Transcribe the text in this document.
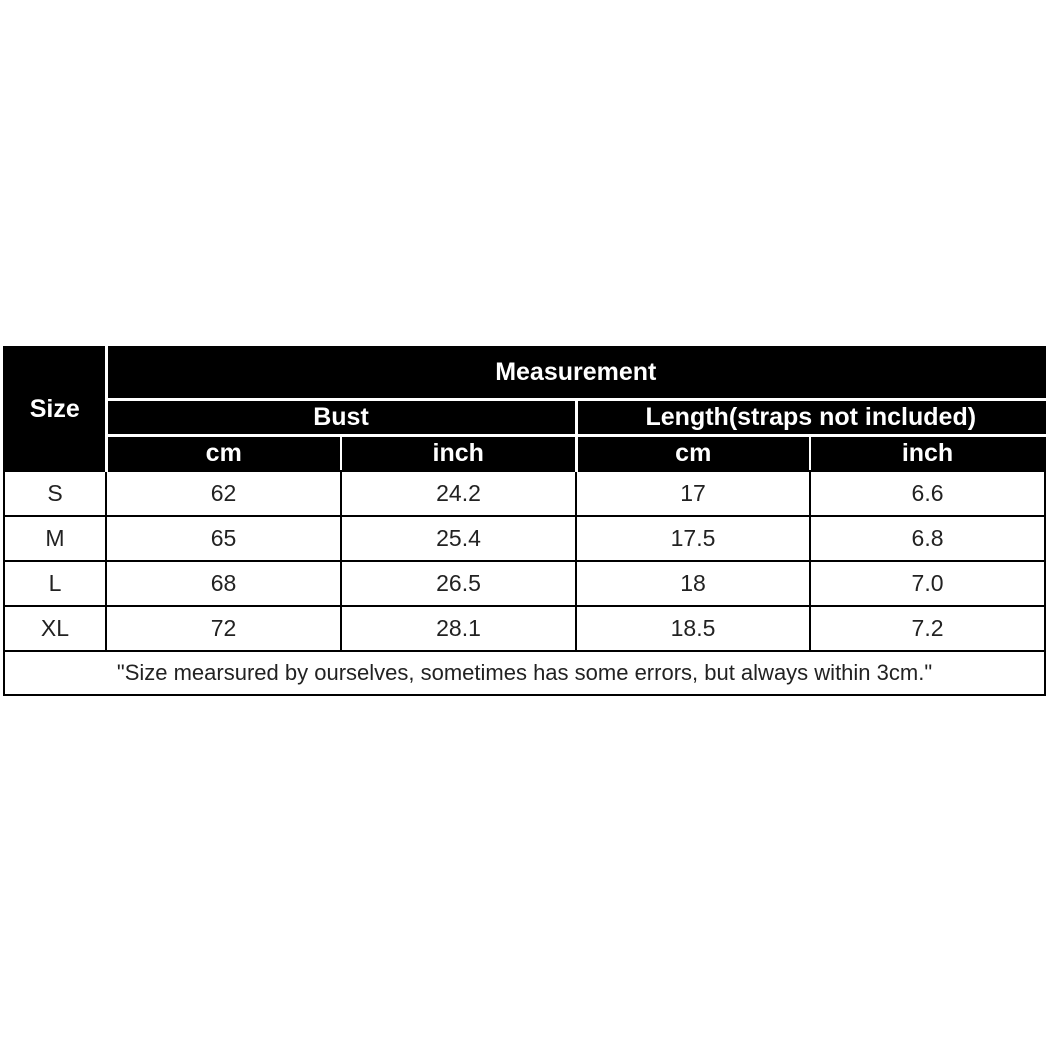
Size	Measurement			
	Bust		Length(straps not included)	
	cm	inch	cm	inch
S	62	24.2	17	6.6
M	65	25.4	17.5	6.8
L	68	26.5	18	7.0
XL	72	28.1	18.5	7.2
"Size mearsured by ourselves, sometimes has some errors, but always within 3cm."				
